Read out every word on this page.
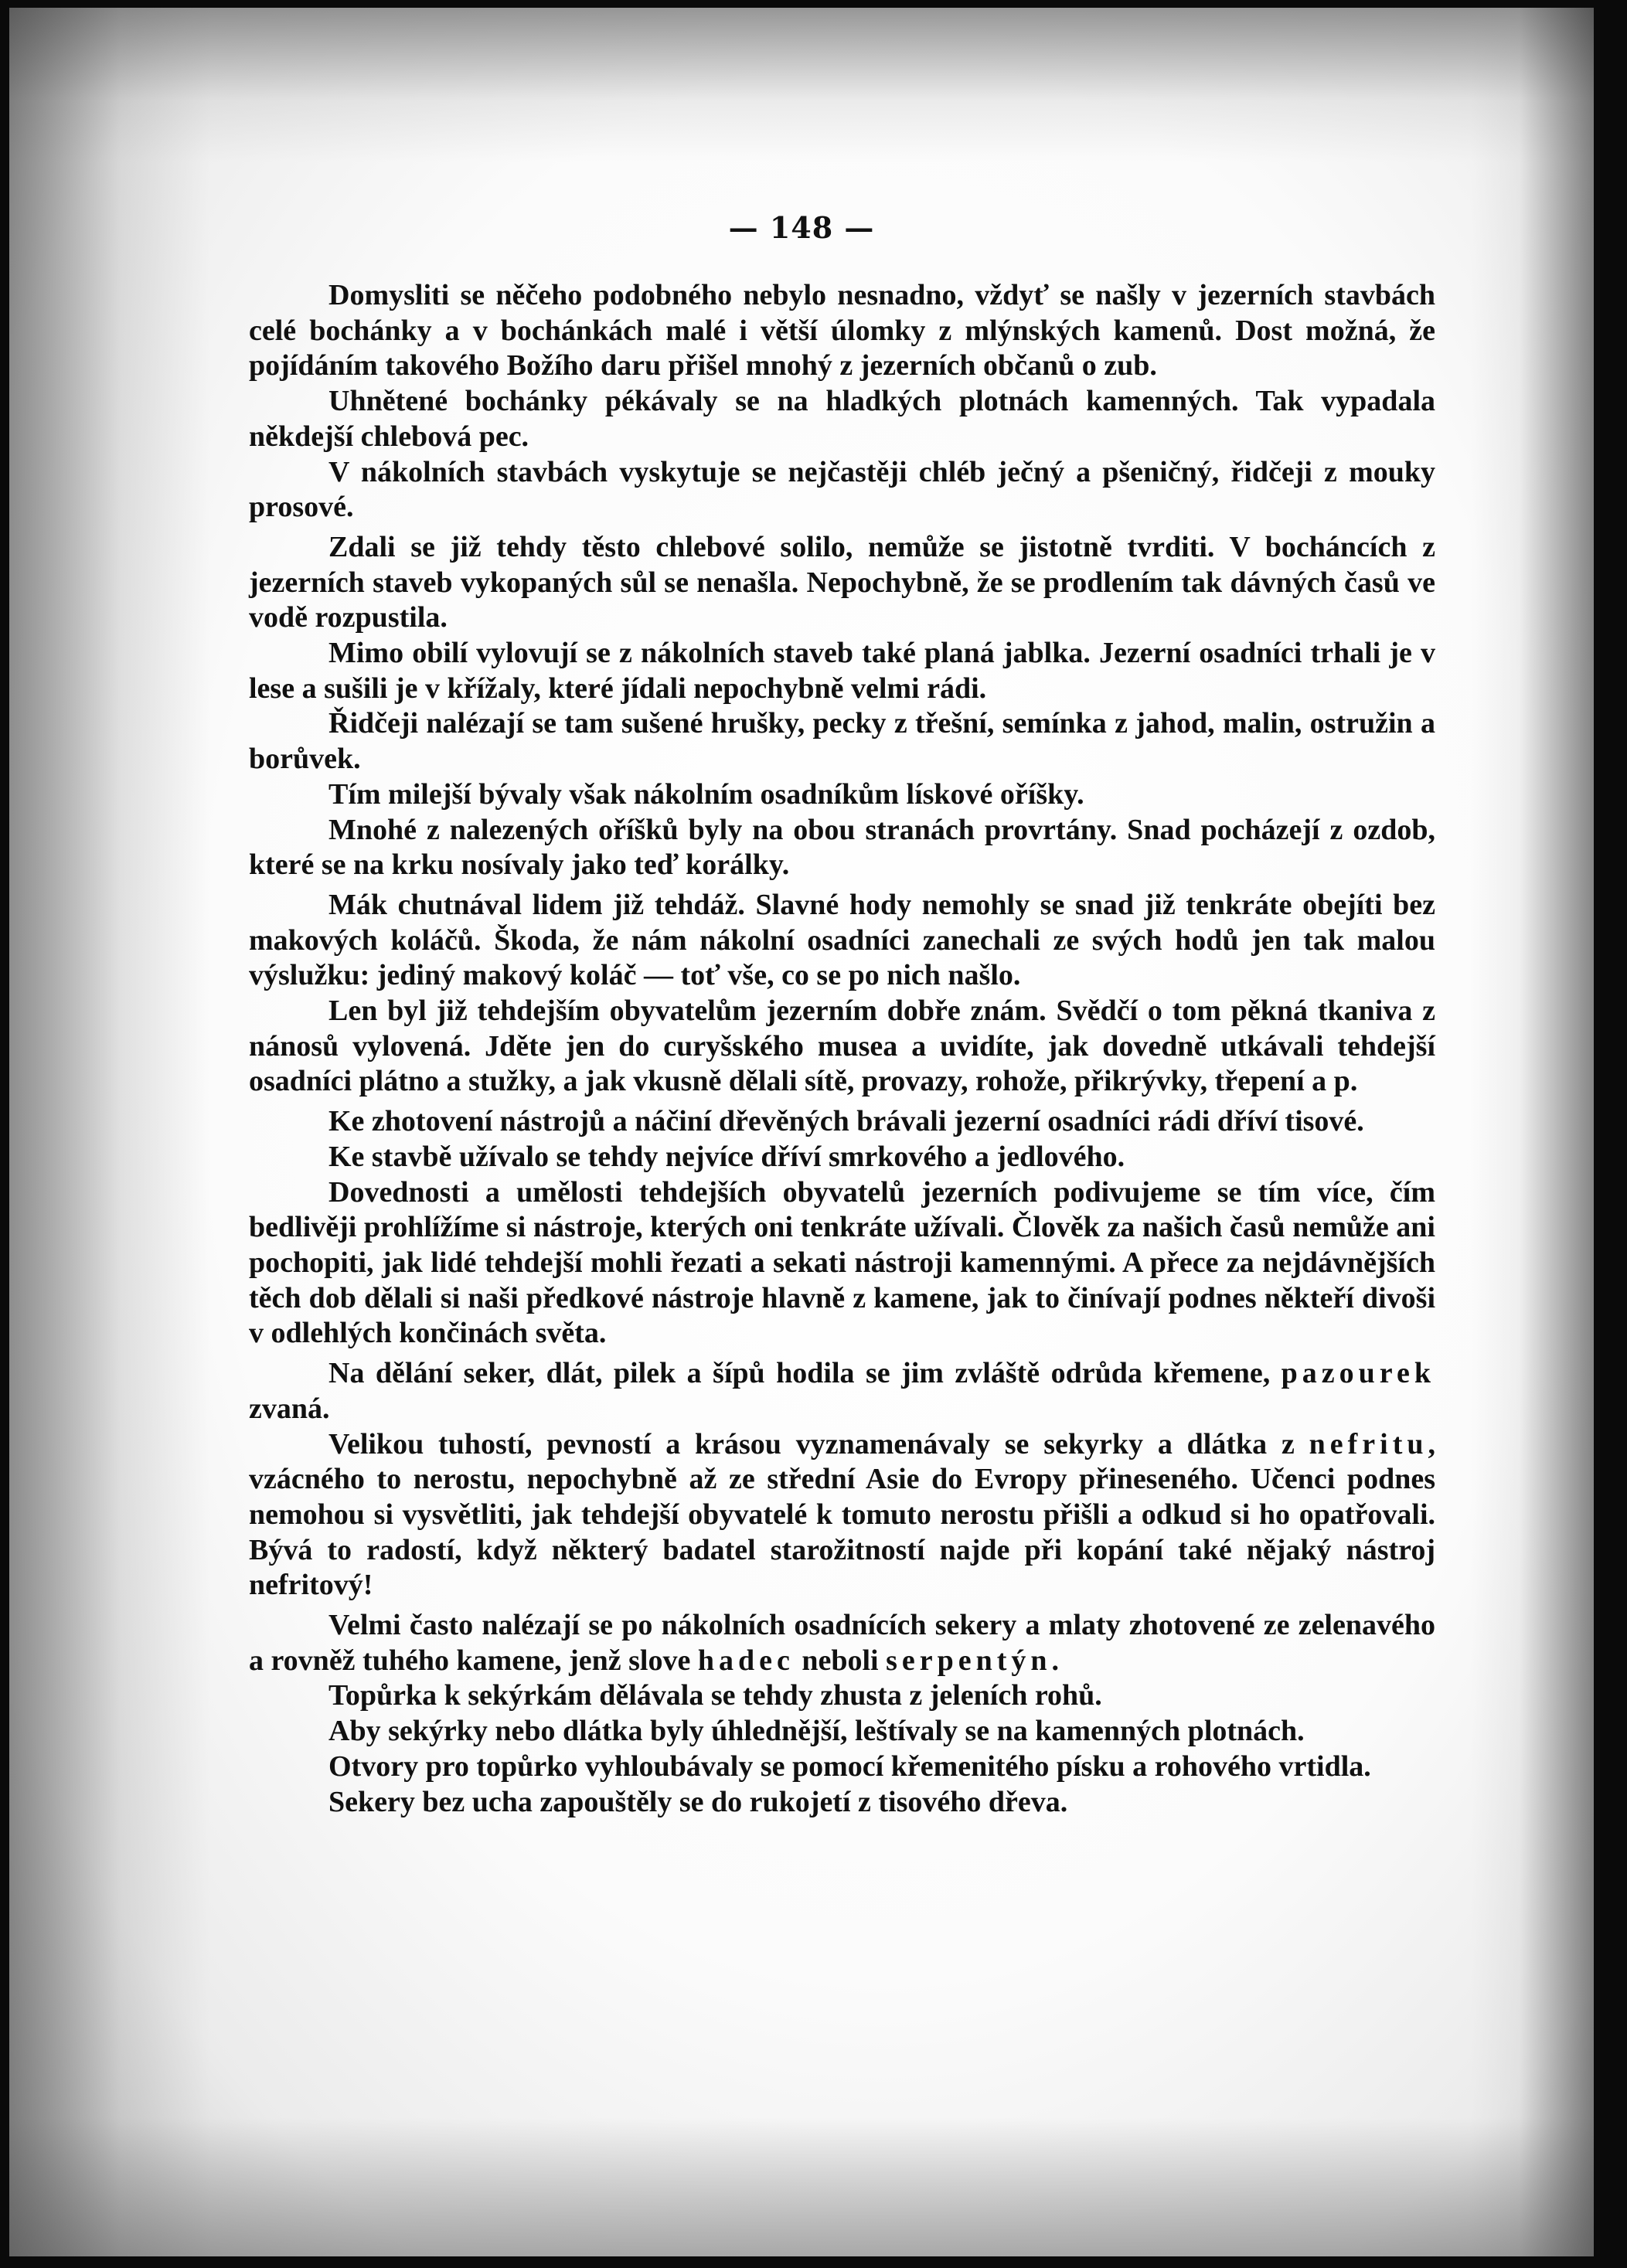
— 148 —

Domysliti se něčeho podobného nebylo nesnadno, vždyť se našly v jezerních stavbách celé bochánky a v bochánkách malé i větší úlomky z mlýnských kamenů. Dost možná, že pojídáním takového Božího daru přišel mnohý z jezerních občanů o zub.

Uhnětené bochánky pékávaly se na hladkých plotnách kamenných. Tak vypadala někdejší chlebová pec.

V nákolních stavbách vyskytuje se nejčastěji chléb ječný a pšeničný, řidčeji z mouky prosové.

Zdali se již tehdy těsto chlebové solilo, nemůže se jistotně tvrditi. V bocháncích z jezerních staveb vykopaných sůl se nenašla. Nepochybně, že se prodlením tak dávných časů ve vodě rozpustila.

Mimo obilí vylovují se z nákolních staveb také planá jablka. Jezerní osadníci trhali je v lese a sušili je v křížaly, které jídali nepochybně velmi rádi.

Řidčeji nalézají se tam sušené hrušky, pecky z třešní, semínka z jahod, malin, ostružin a borůvek.

Tím milejší bývaly však nákolním osadníkům lískové oříšky.

Mnohé z nalezených oříšků byly na obou stranách provrtány. Snad pocházejí z ozdob, které se na krku nosívaly jako teď korálky.

Mák chutnával lidem již tehdáž. Slavné hody nemohly se snad již tenkráte obejíti bez makových koláčů. Škoda, že nám nákolní osadníci zanechali ze svých hodů jen tak malou výslužku: jediný makový koláč — toť vše, co se po nich našlo.

Len byl již tehdejším obyvatelům jezerním dobře znám. Svědčí o tom pěkná tkaniva z nánosů vylovená. Jděte jen do curyšského musea a uvidíte, jak dovedně utkávali tehdejší osadníci plátno a stužky, a jak vkusně dělali sítě, provazy, rohože, přikrývky, třepení a p.

Ke zhotovení nástrojů a náčiní dřevěných brávali jezerní osadníci rádi dříví tisové.

Ke stavbě užívalo se tehdy nejvíce dříví smrkového a jedlového.

Dovednosti a umělosti tehdejších obyvatelů jezerních podivujeme se tím více, čím bedlivěji prohlížíme si nástroje, kterých oni tenkráte užívali. Člověk za našich časů nemůže ani pochopiti, jak lidé tehdejší mohli řezati a sekati nástroji kamennými. A přece za nejdávnějších těch dob dělali si naši předkové nástroje hlavně z kamene, jak to činívají podnes někteří divoši v odlehlých končinách světa.

Na dělání seker, dlát, pilek a šípů hodila se jim zvláště odrůda křemene, pazourek zvaná.

Velikou tuhostí, pevností a krásou vyznamenávaly se sekyrky a dlátka z nefritu, vzácného to nerostu, nepochybně až ze střední Asie do Evropy přineseného. Učenci podnes nemohou si vysvětliti, jak tehdejší obyvatelé k tomuto nerostu přišli a odkud si ho opatřovali. Bývá to radostí, když některý badatel starožitností najde při kopání také nějaký nástroj nefritový!

Velmi často nalézají se po nákolních osadnících sekery a mlaty zhotovené ze zelenavého a rovněž tuhého kamene, jenž slove hadec neboli serpentýn.

Topůrka k sekýrkám dělávala se tehdy zhusta z jeleních rohů.

Aby sekýrky nebo dlátka byly úhlednější, leštívaly se na kamenných plotnách.

Otvory pro topůrko vyhloubávaly se pomocí křemenitého písku a rohového vrtidla.

Sekery bez ucha zapouštěly se do rukojetí z tisového dřeva.
